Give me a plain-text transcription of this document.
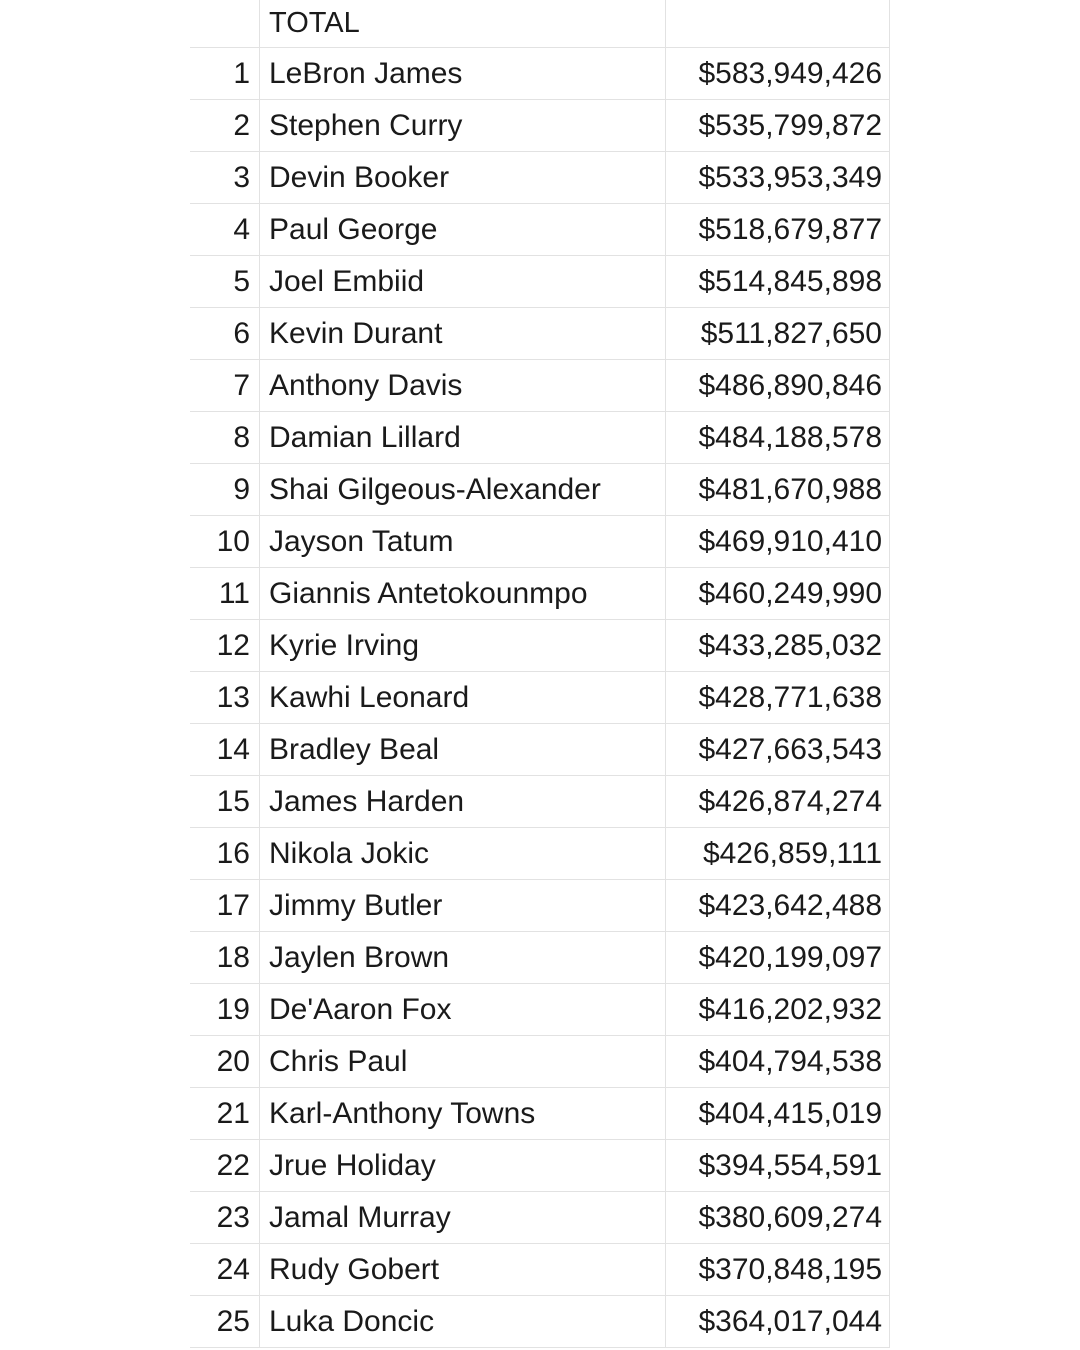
TOTAL
1 LeBron James	$583,949,426
2 Stephen Curry	$535,799,872
3 Devin Booker	$533,953,349
4 Paul George	$518,679,877
5 Joel Embiid	$514,845,898
6 Kevin Durant	$511,827,650
7 Anthony Davis	$486,890,846
8 Damian Lillard	$484,188,578
9 Shai Gilgeous-Alexander	$481,670,988
10 Jayson Tatum	$469,910,410
11 Giannis Antetokounmpo	$460,249,990
12 Kyrie Irving	$433,285,032
13 Kawhi Leonard	$428,771,638
14 Bradley Beal	$427,663,543
15 James Harden	$426,874,274
16 Nikola Jokic	$426,859,111
17 Jimmy Butler	$423,642,488
18 Jaylen Brown	$420,199,097
19 De'Aaron Fox	$416,202,932
20 Chris Paul	$404,794,538
21 Karl-Anthony Towns	$404,415,019
22 Jrue Holiday	$394,554,591
23 Jamal Murray	$380,609,274
24 Rudy Gobert	$370,848,195
25 Luka Doncic	$364,017,044
